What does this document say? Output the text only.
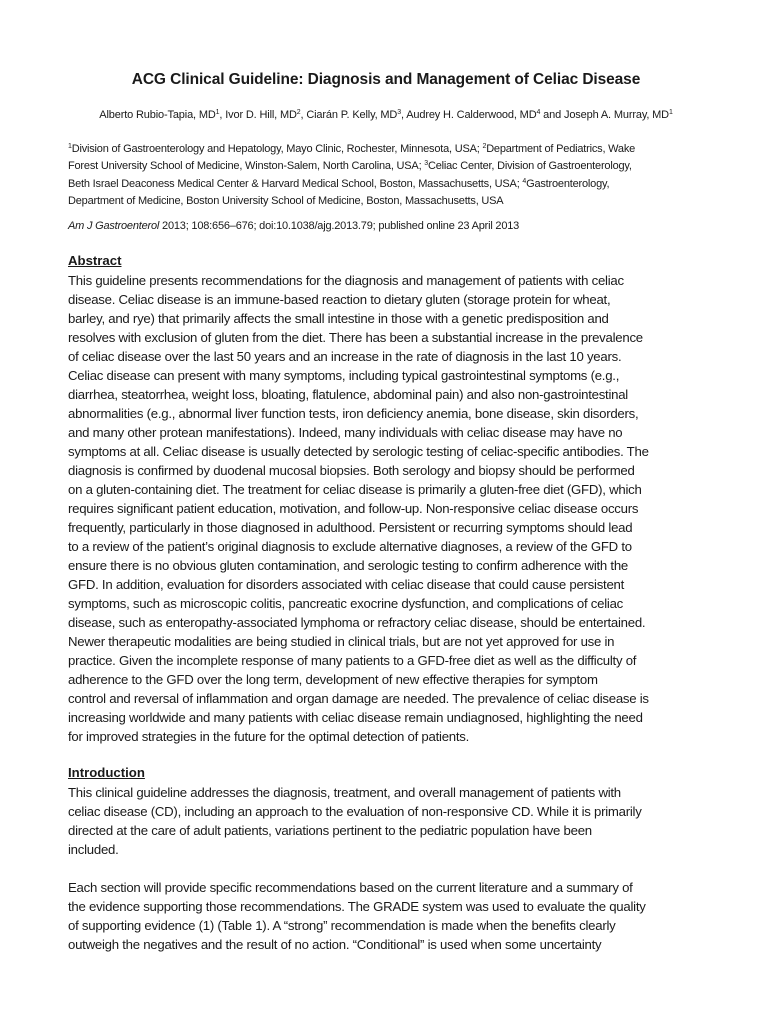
ACG Clinical Guideline: Diagnosis and Management of Celiac Disease
Alberto Rubio-Tapia, $MD^1$, Ivor D. Hill, $MD^2$, Ciarán P. Kelly, $MD^3$, Audrey H. Calderwood, $MD^4$ and Joseph A. Murray, $MD^1$
$^1$Division of Gastroenterology and Hepatology, Mayo Clinic, Rochester, Minnesota, USA; $^2$Department of Pediatrics, Wake
Forest University School of Medicine, Winston-Salem, North Carolina, USA; $^3$Celiac Center, Division of Gastroenterology,
Beth Israel Deaconess Medical Center & Harvard Medical School, Boston, Massachusetts, USA; $^4$Gastroenterology,
Department of Medicine, Boston University School of Medicine, Boston, Massachusetts, USA
Am J Gastroenterol 2013; 108:656–676; doi:10.1038/ajg.2013.79; published online 23 April 2013
Abstract
This guideline presents recommendations for the diagnosis and management of patients with celiac
disease. Celiac disease is an immune-based reaction to dietary gluten (storage protein for wheat,
barley, and rye) that primarily affects the small intestine in those with a genetic predisposition and
resolves with exclusion of gluten from the diet. There has been a substantial increase in the prevalence
of celiac disease over the last 50 years and an increase in the rate of diagnosis in the last 10 years.
Celiac disease can present with many symptoms, including typical gastrointestinal symptoms (e.g.,
diarrhea, steatorrhea, weight loss, bloating, flatulence, abdominal pain) and also non-gastrointestinal
abnormalities (e.g., abnormal liver function tests, iron deficiency anemia, bone disease, skin disorders,
and many other protean manifestations). Indeed, many individuals with celiac disease may have no
symptoms at all. Celiac disease is usually detected by serologic testing of celiac-specific antibodies. The
diagnosis is confirmed by duodenal mucosal biopsies. Both serology and biopsy should be performed
on a gluten-containing diet. The treatment for celiac disease is primarily a gluten-free diet (GFD), which
requires significant patient education, motivation, and follow-up. Non-responsive celiac disease occurs
frequently, particularly in those diagnosed in adulthood. Persistent or recurring symptoms should lead
to a review of the patient’s original diagnosis to exclude alternative diagnoses, a review of the GFD to
ensure there is no obvious gluten contamination, and serologic testing to confirm adherence with the
GFD. In addition, evaluation for disorders associated with celiac disease that could cause persistent
symptoms, such as microscopic colitis, pancreatic exocrine dysfunction, and complications of celiac
disease, such as enteropathy-associated lymphoma or refractory celiac disease, should be entertained.
Newer therapeutic modalities are being studied in clinical trials, but are not yet approved for use in
practice. Given the incomplete response of many patients to a GFD-free diet as well as the difficulty of
adherence to the GFD over the long term, development of new effective therapies for symptom
control and reversal of inflammation and organ damage are needed. The prevalence of celiac disease is
increasing worldwide and many patients with celiac disease remain undiagnosed, highlighting the need
for improved strategies in the future for the optimal detection of patients.
Introduction
This clinical guideline addresses the diagnosis, treatment, and overall management of patients with
celiac disease (CD), including an approach to the evaluation of non-responsive CD. While it is primarily
directed at the care of adult patients, variations pertinent to the pediatric population have been
included.
Each section will provide specific recommendations based on the current literature and a summary of
the evidence supporting those recommendations. The GRADE system was used to evaluate the quality
of supporting evidence (1) (Table 1). A “strong” recommendation is made when the benefits clearly
outweigh the negatives and the result of no action. “Conditional” is used when some uncertainty
